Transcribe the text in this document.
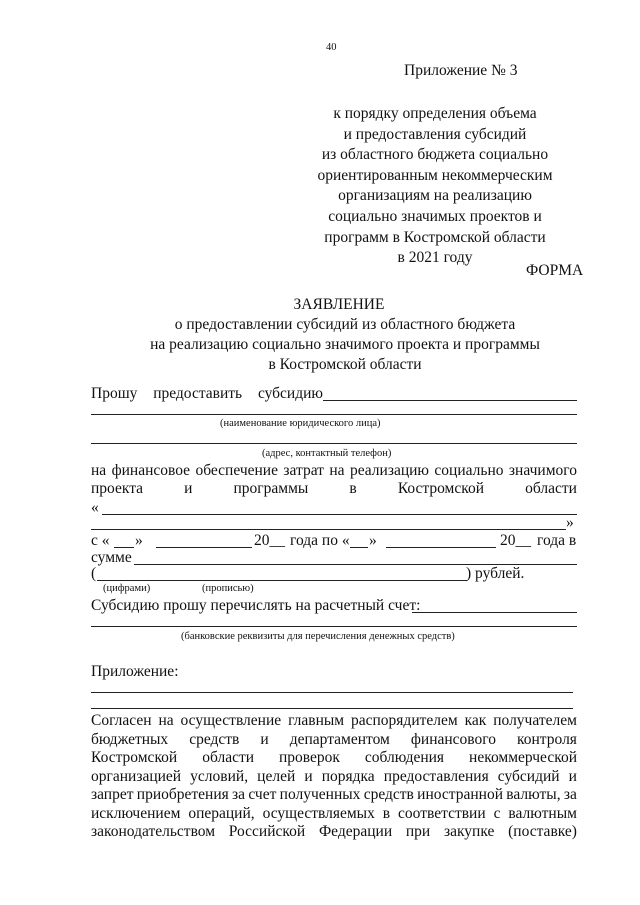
40
Приложение № 3
к порядку определения объема
и предоставления субсидий
из областного бюджета социально
ориентированным некоммерческим
организациям на реализацию
социально значимых проектов и
программ в Костромской области
в 2021 году
ФОРМА
ЗАЯВЛЕНИЕ
о предоставлении субсидий из областного бюджета
на реализацию социально значимого проекта и программы
в Костромской области
Прошу предоставить субсидию
(наименование юридического лица)
(адрес, контактный телефон)
на финансовое обеспечение затрат на реализацию социально значимого
проекта	и	программы	в	Костромской	области
«
»
с « »	20__ года по « »	20__ года в
сумме
(	) рублей.
(цифрами)	(прописью)
Субсидию прошу перечислять на расчетный счет:
(банковские реквизиты для перечисления денежных средств)
Приложение:
Согласен на осуществление главным распорядителем как получателем
бюджетных средств и департаментом финансового контроля
Костромской области проверок соблюдения некоммерческой
организацией условий, целей и порядка предоставления субсидий и
запрет приобретения за счет полученных средств иностранной валюты, за
исключением операций, осуществляемых в соответствии с валютным
законодательством Российской Федерации при закупке (поставке)
